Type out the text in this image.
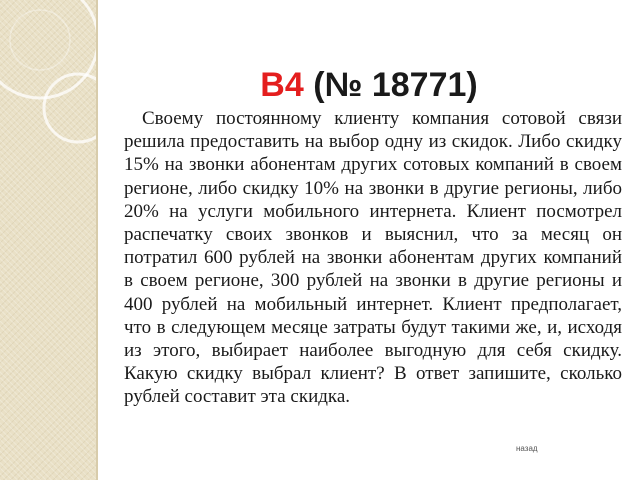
B4 (№ 18771)

Своему постоянному клиенту компания сотовой связи решила предоставить на выбор одну из скидок. Либо скидку 15% на звонки абонентам других сотовых компаний в своем регионе, либо скидку 10% на звонки в другие регионы, либо 20% на услуги мобильного интернета. Клиент посмотрел распечатку своих звонков и выяснил, что за месяц он потратил 600 рублей на звонки абонентам других компаний в своем регионе, 300 рублей на звонки в другие регионы и 400 рублей на мобильный интернет. Клиент предполагает, что в следующем месяце затраты будут такими же, и, исходя из этого, выбирает наиболее выгодную для себя скидку. Какую скидку выбрал клиент? В ответ запишите, сколько рублей составит эта скидка.

назад
